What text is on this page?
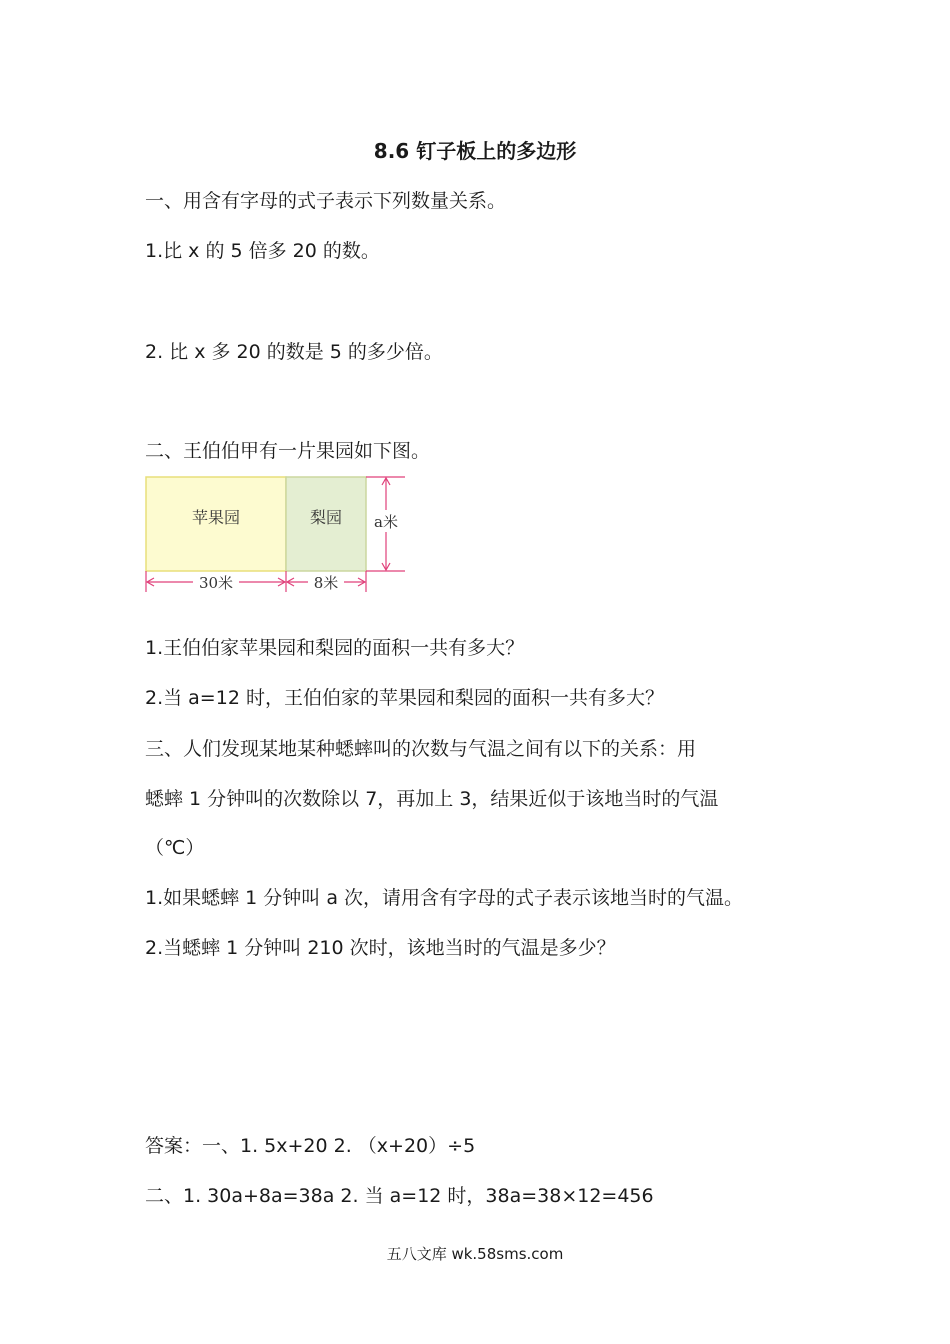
8.6 钉子板上的多边形
一、用含有字母的式子表示下列数量关系。
1.比 x 的 5 倍多 20 的数。
2. 比 x 多 20 的数是 5 的多少倍。
二、王伯伯甲有一片果园如下图。
苹果园	梨园 a米
30米	8米
1.王伯伯家苹果园和梨园的面积一共有多大？
2.当 a=12 时，王伯伯家的苹果园和梨园的面积一共有多大？
三、人们发现某地某种蟋蟀叫的次数与气温之间有以下的关系：用
蟋蟀 1 分钟叫的次数除以 7，再加上 3，结果近似于该地当时的气温
（℃）
1.如果蟋蟀 1 分钟叫 a 次，请用含有字母的式子表示该地当时的气温。
2.当蟋蟀 1 分钟叫 210 次时，该地当时的气温是多少？
答案：一、1. 5x+20 2. （x+20）÷5
二、1. 30a+8a=38a 2. 当 a=12 时，38a=38×12=456
五八文库 wk.58sms.com
